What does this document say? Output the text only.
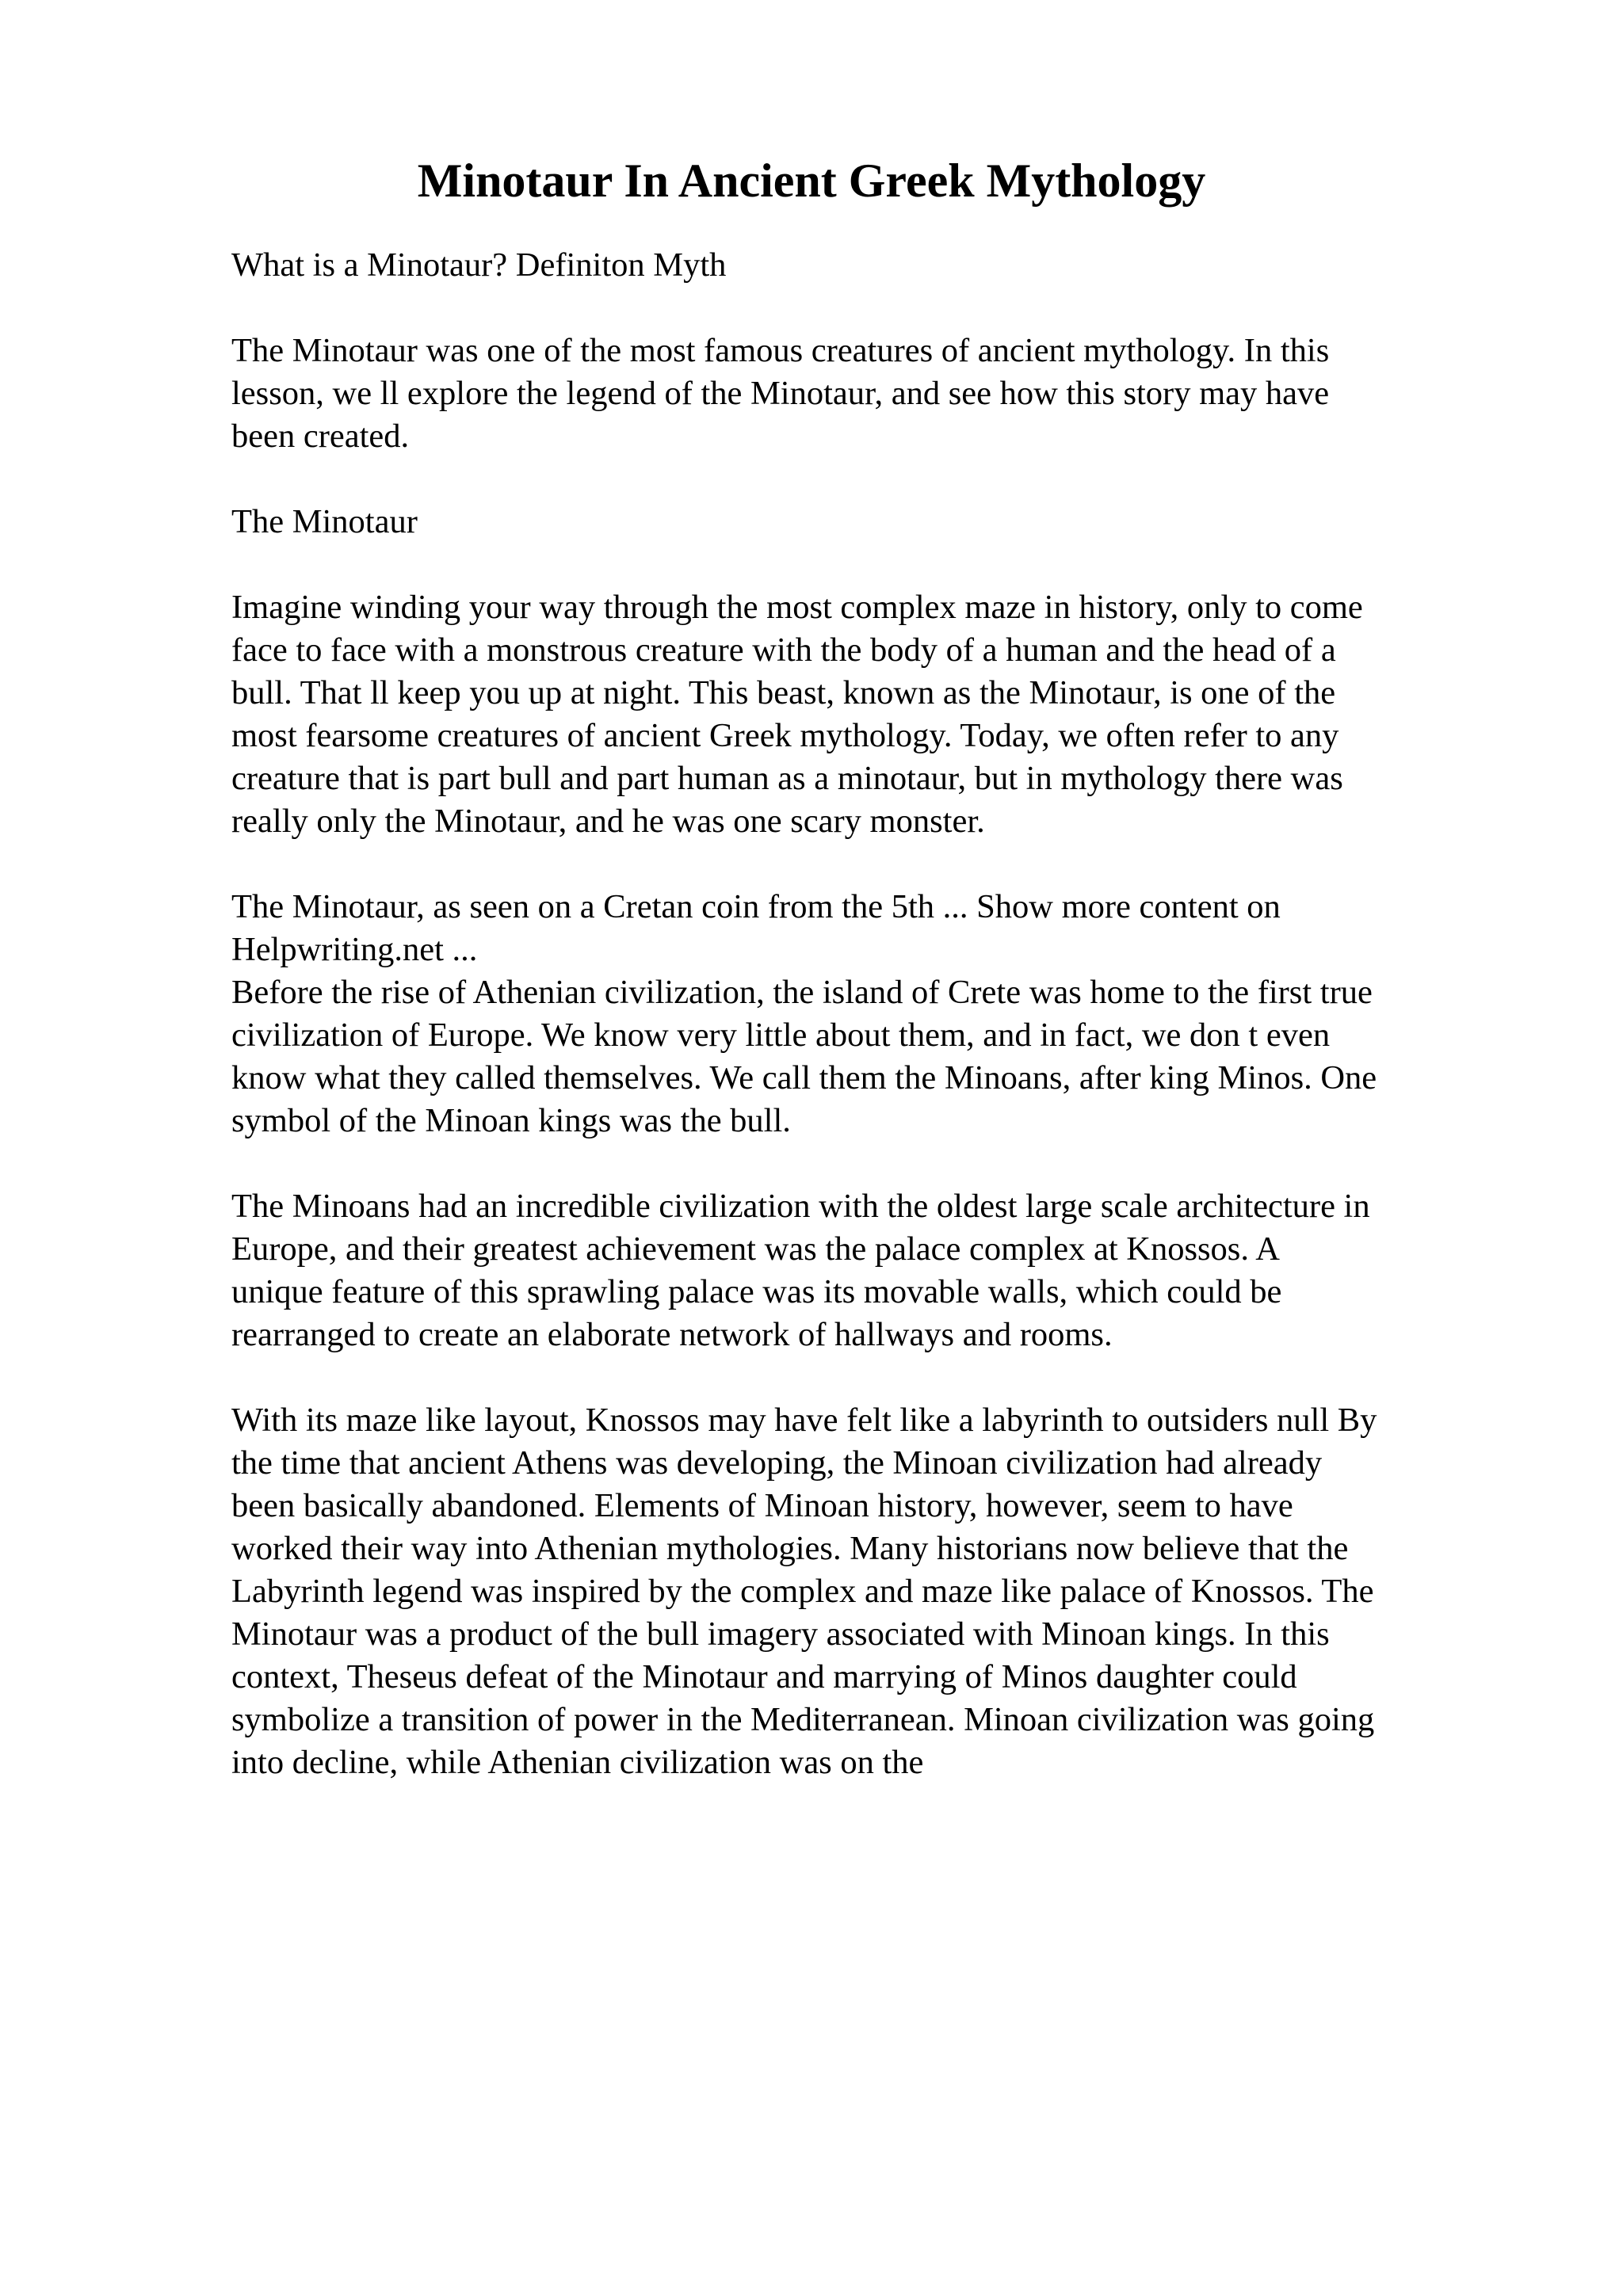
Minotaur In Ancient Greek Mythology
What is a Minotaur? Definiton Myth
The Minotaur was one of the most famous creatures of ancient mythology. In this
lesson, we ll explore the legend of the Minotaur, and see how this story may have
been created.
The Minotaur
Imagine winding your way through the most complex maze in history, only to come
face to face with a monstrous creature with the body of a human and the head of a
bull. That ll keep you up at night. This beast, known as the Minotaur, is one of the
most fearsome creatures of ancient Greek mythology. Today, we often refer to any
creature that is part bull and part human as a minotaur, but in mythology there was
really only the Minotaur, and he was one scary monster.
The Minotaur, as seen on a Cretan coin from the 5th ... Show more content on
Helpwriting.net ...
Before the rise of Athenian civilization, the island of Crete was home to the first true
civilization of Europe. We know very little about them, and in fact, we don t even
know what they called themselves. We call them the Minoans, after king Minos. One
symbol of the Minoan kings was the bull.
The Minoans had an incredible civilization with the oldest large scale architecture in
Europe, and their greatest achievement was the palace complex at Knossos. A
unique feature of this sprawling palace was its movable walls, which could be
rearranged to create an elaborate network of hallways and rooms.
With its maze like layout, Knossos may have felt like a labyrinth to outsiders null By
the time that ancient Athens was developing, the Minoan civilization had already
been basically abandoned. Elements of Minoan history, however, seem to have
worked their way into Athenian mythologies. Many historians now believe that the
Labyrinth legend was inspired by the complex and maze like palace of Knossos. The
Minotaur was a product of the bull imagery associated with Minoan kings. In this
context, Theseus defeat of the Minotaur and marrying of Minos daughter could
symbolize a transition of power in the Mediterranean. Minoan civilization was going
into decline, while Athenian civilization was on the
